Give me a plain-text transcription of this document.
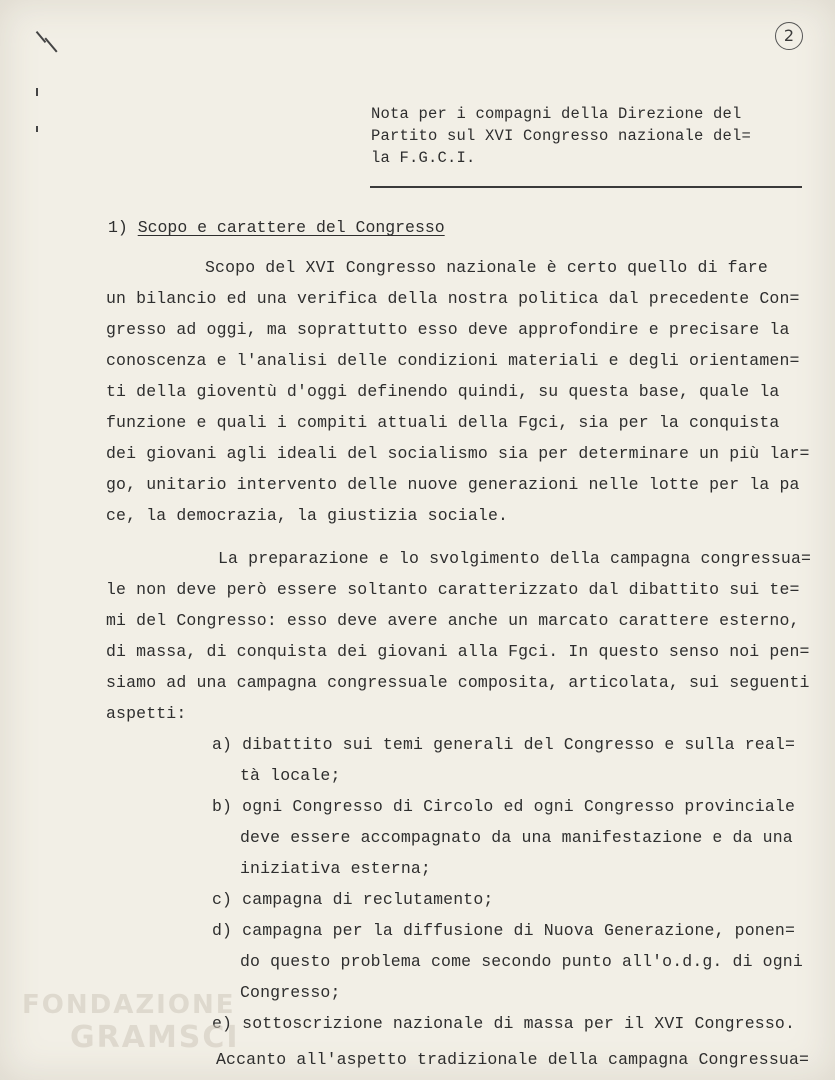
2
Nota per i compagni della Direzione del
Partito sul XVI Congresso nazionale del=
la F.G.C.I.
1) Scopo e carattere del Congresso
Scopo del XVI Congresso nazionale è certo quello di fare
un bilancio ed una verifica della nostra politica dal precedente Con=
gresso ad oggi, ma soprattutto esso deve approfondire e precisare la
conoscenza e l'analisi delle condizioni materiali e degli orientamen=
ti della gioventù d'oggi definendo quindi, su questa base, quale la
funzione e quali i compiti attuali della Fgci, sia per la conquista
dei giovani agli ideali del socialismo sia per determinare un più lar=
go, unitario intervento delle nuove generazioni nelle lotte per la pa
ce, la democrazia, la giustizia sociale.
La preparazione e lo svolgimento della campagna congressua=
le non deve però essere soltanto caratterizzato dal dibattito sui te=
mi del Congresso: esso deve avere anche un marcato carattere esterno,
di massa, di conquista dei giovani alla Fgci. In questo senso noi pen=
siamo ad una campagna congressuale composita, articolata, sui seguenti
aspetti:
a) dibattito sui temi generali del Congresso e sulla real=
tà locale;
b) ogni Congresso di Circolo ed ogni Congresso provinciale
deve essere accompagnato da una manifestazione e da una
iniziativa esterna;
c) campagna di reclutamento;
d) campagna per la diffusione di Nuova Generazione, ponen=
do questo problema come secondo punto all'o.d.g. di ogni
Congresso;
e) sottoscrizione nazionale di massa per il XVI Congresso.
Accanto all'aspetto tradizionale della campagna Congressua=
FONDAZIONE
GRAMSCI
